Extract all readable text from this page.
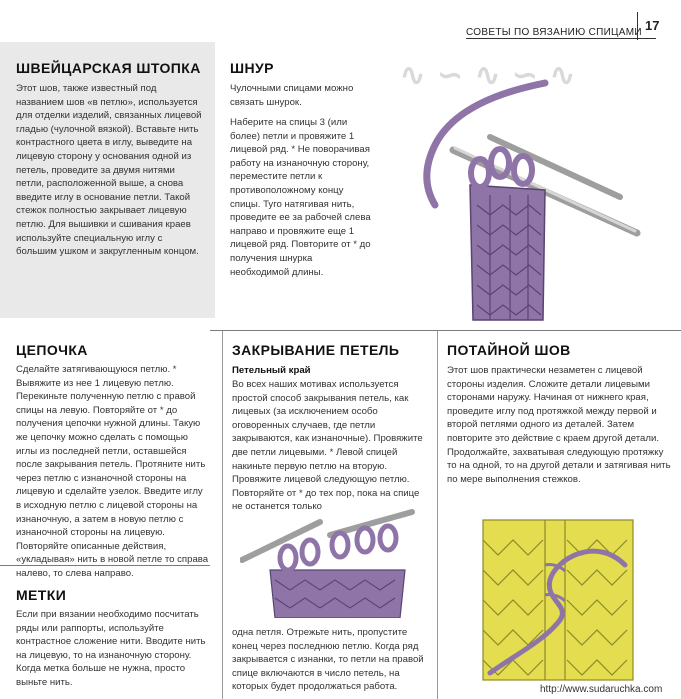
СОВЕТЫ ПО ВЯЗАНИЮ СПИЦАМИ 17
∿ ∽ ∿ ∽ ∿
ШВЕЙЦАРСКАЯ ШТОПКА
Этот шов, также известный под названием шов «в петлю», используется для отделки изделий, связанных лицевой гладью (чулочной вязкой). Вставьте нить контрастного цвета в иглу, выведите на лицевую сторону у основания одной из петель, проведите за двумя нитями петли, расположенной выше, а снова введите иглу в основание петли. Такой стежок полностью закрывает лицевую петлю. Для вышивки и сшивания краев используйте специальную иглу с большим ушком и закругленным концом.
ШНУР
Чулочными спицами можно связать шнурок.
Наберите на спицы 3 (или более) петли и провяжите 1 лицевой ряд. * Не поворачивая работу на изнаночную сторону, переместите петли к противоположному концу спицы. Туго натягивая нить, проведите ее за рабочей слева направо и провяжите еще 1 лицевой ряд. Повторите от * до получения шнурка необходимой длины.
ЦЕПОЧКА
Сделайте затягивающуюся петлю. * Вывяжите из нее 1 лицевую петлю. Перекиньте полученную петлю с правой спицы на левую. Повторяйте от * до получения цепочки нужной длины. Такую же цепочку можно сделать с помощью иглы из последней петли, оставшейся после закрывания петель. Протяните нить через петлю с изнаночной стороны на лицевую и сделайте узелок. Введите иглу в исходную петлю с лицевой стороны на изнаночную, а затем в новую петлю с изнаночной стороны на лицевую. Повторяйте описанные действия, «укладывая» нить в новой петле то справа налево, то слева направо.
МЕТКИ
Если при вязании необходимо посчитать ряды или раппорты, используйте контрастное сложение нити. Вводите нить на лицевую, то на изнаночную сторону. Когда метка больше не нужна, просто выньте нить.
ЗАКРЫВАНИЕ ПЕТЕЛЬ
Петельный край
Во всех наших мотивах используется простой способ закрывания петель, как лицевых (за исключением особо оговоренных случаев, где петли закрываются, как изнаночные). Провяжите две петли лицевыми. * Левой спицей накиньте первую петлю на вторую. Провяжите лицевой следующую петлю. Повторяйте от * до тех пор, пока на спице не останется только
одна петля. Отрежьте нить, пропустите конец через последнюю петлю. Когда ряд закрывается с изнанки, то петли на правой спице включаются в число петель, на которых будет продолжаться работа.
ПОТАЙНОЙ ШОВ
Этот шов практически незаметен с лицевой стороны изделия. Сложите детали лицевыми сторонами наружу. Начиная от нижнего края, проведите иглу под протяжкой между первой и второй петлями одного из деталей. Затем повторите это действие с краем другой детали. Продолжайте, захватывая следующую протяжку то на одной, то на другой детали и затягивая нить по мере выполнения стежков.
http://www.sudaruchka.com
